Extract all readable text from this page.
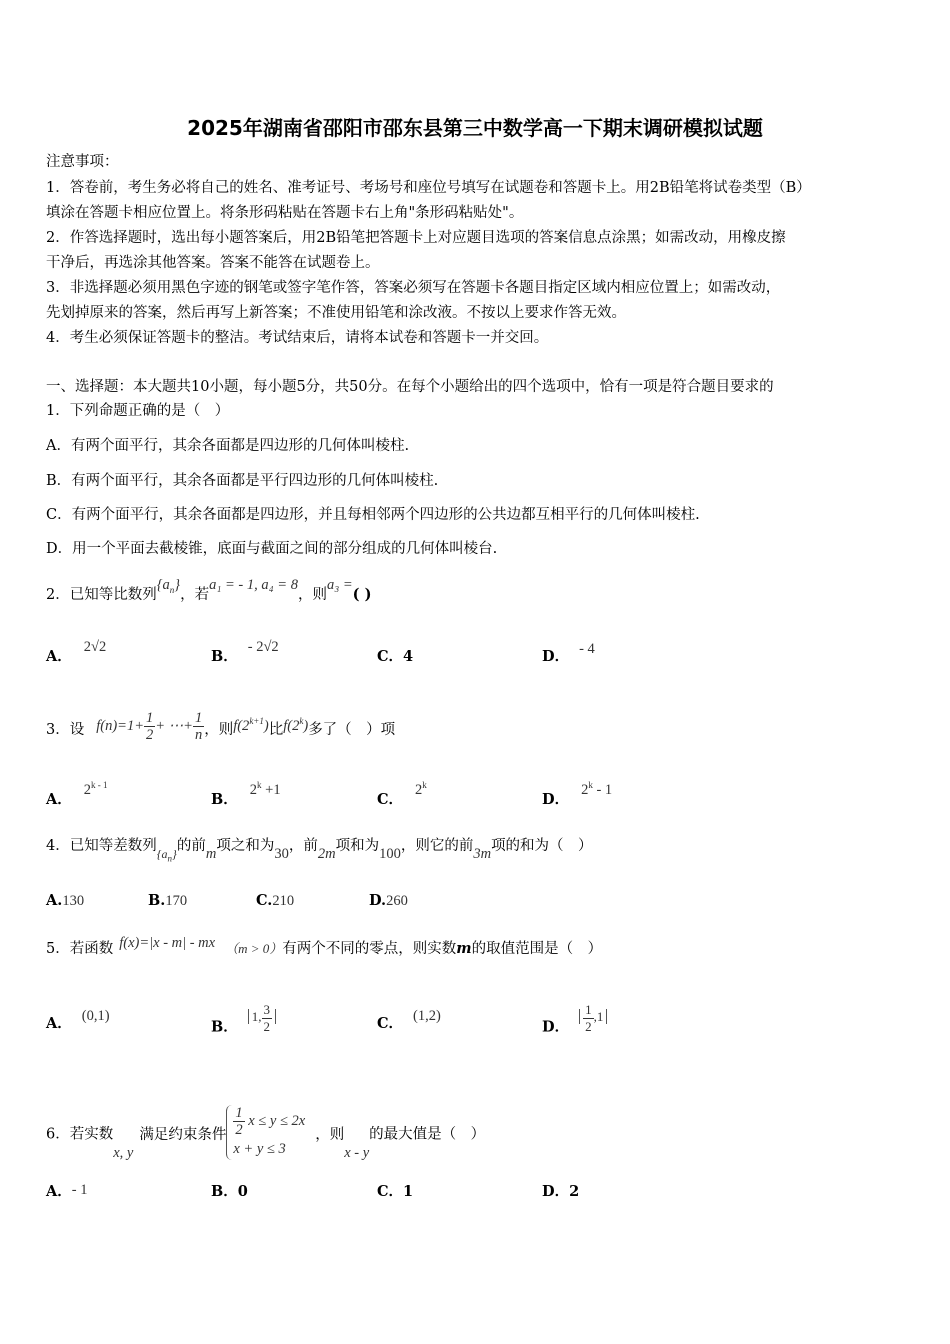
2025年湖南省邵阳市邵东县第三中数学高一下期末调研模拟试题
注意事项：
1．答卷前，考生务必将自己的姓名、准考证号、考场号和座位号填写在试题卷和答题卡上。用2B铅笔将试卷类型（B）
填涂在答题卡相应位置上。将条形码粘贴在答题卡右上角"条形码粘贴处"。
2．作答选择题时，选出每小题答案后，用2B铅笔把答题卡上对应题目选项的答案信息点涂黑；如需改动，用橡皮擦
干净后，再选涂其他答案。答案不能答在试题卷上。
3．非选择题必须用黑色字迹的钢笔或签字笔作答，答案必须写在答题卡各题目指定区域内相应位置上；如需改动，
先划掉原来的答案，然后再写上新答案；不准使用铅笔和涂改液。不按以上要求作答无效。
4．考生必须保证答题卡的整洁。考试结束后，请将本试卷和答题卡一并交回。
一、选择题：本大题共10小题，每小题5分，共50分。在每个小题给出的四个选项中，恰有一项是符合题目要求的
1．下列命题正确的是（　）
A．有两个面平行，其余各面都是四边形的几何体叫棱柱.
B．有两个面平行，其余各面都是平行四边形的几何体叫棱柱.
C．有两个面平行，其余各面都是四边形，并且每相邻两个四边形的公共边都互相平行的几何体叫棱柱.
D．用一个平面去截棱锥，底面与截面之间的部分组成的几何体叫棱台.
2．已知等比数列$\{a_n\}$，若a₁ = - 1, a₄ = 8，则a₃ =( )
A．2√2
B．- 2√2
C．4	D． - 4
3．设 $f(n)=1+ \frac{1}{2}$ + ⋯+ $\frac{1}{n}$ ，则$f(2^{k+1})$比f(2$^k$)多了（　）项
A．2$^{k - 1}$
B．$2^k +1$
C．2$^k$
D．2$^k$ - 1
4．已知等差数列$_{\{a_n\}}$的前m项之和为30，前2m项和为100，则它的前3m项的和为（　）
A.130	B.170	C.210	D.260
5．若函数 f(x)=|x - m| - mx （m > 0）有两个不同的零点，则实数m的取值范围是（　）
A． (0,1)
B．1, $\frac{3}{2}$	C． (1,2)
D． $\frac{1}{2} ,1$
6．若实数x, y满足约束条件 $\frac{1}{2}$ x ≤ y ≤ 2x
x + y ≤ 3
，则x - y的最大值是（　）
A．- 1	B．0	C．1	D．2
